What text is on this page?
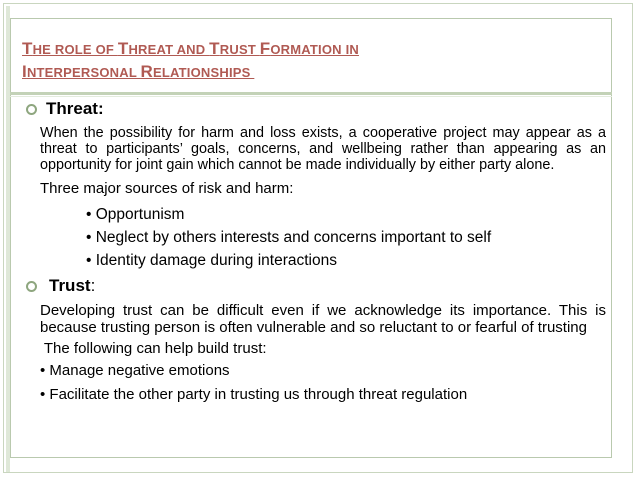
THE ROLE OF THREAT AND TRUST FORMATION IN
INTERPERSONAL RELATIONSHIPS
Threat:
When the possibility for harm and loss exists, a cooperative project may appear as a threat to participants’ goals, concerns, and wellbeing rather than appearing as an opportunity for joint gain which cannot be made individually by either party alone.
Three major sources of risk and harm:
• Opportunism
• Neglect by others interests and concerns important to self
• Identity damage during interactions
Trust:
Developing trust can be difficult even if we acknowledge its importance. This is because trusting person is often vulnerable and so reluctant to or fearful of trusting
The following can help build trust:
• Manage negative emotions
• Facilitate the other party in trusting us through threat regulation
